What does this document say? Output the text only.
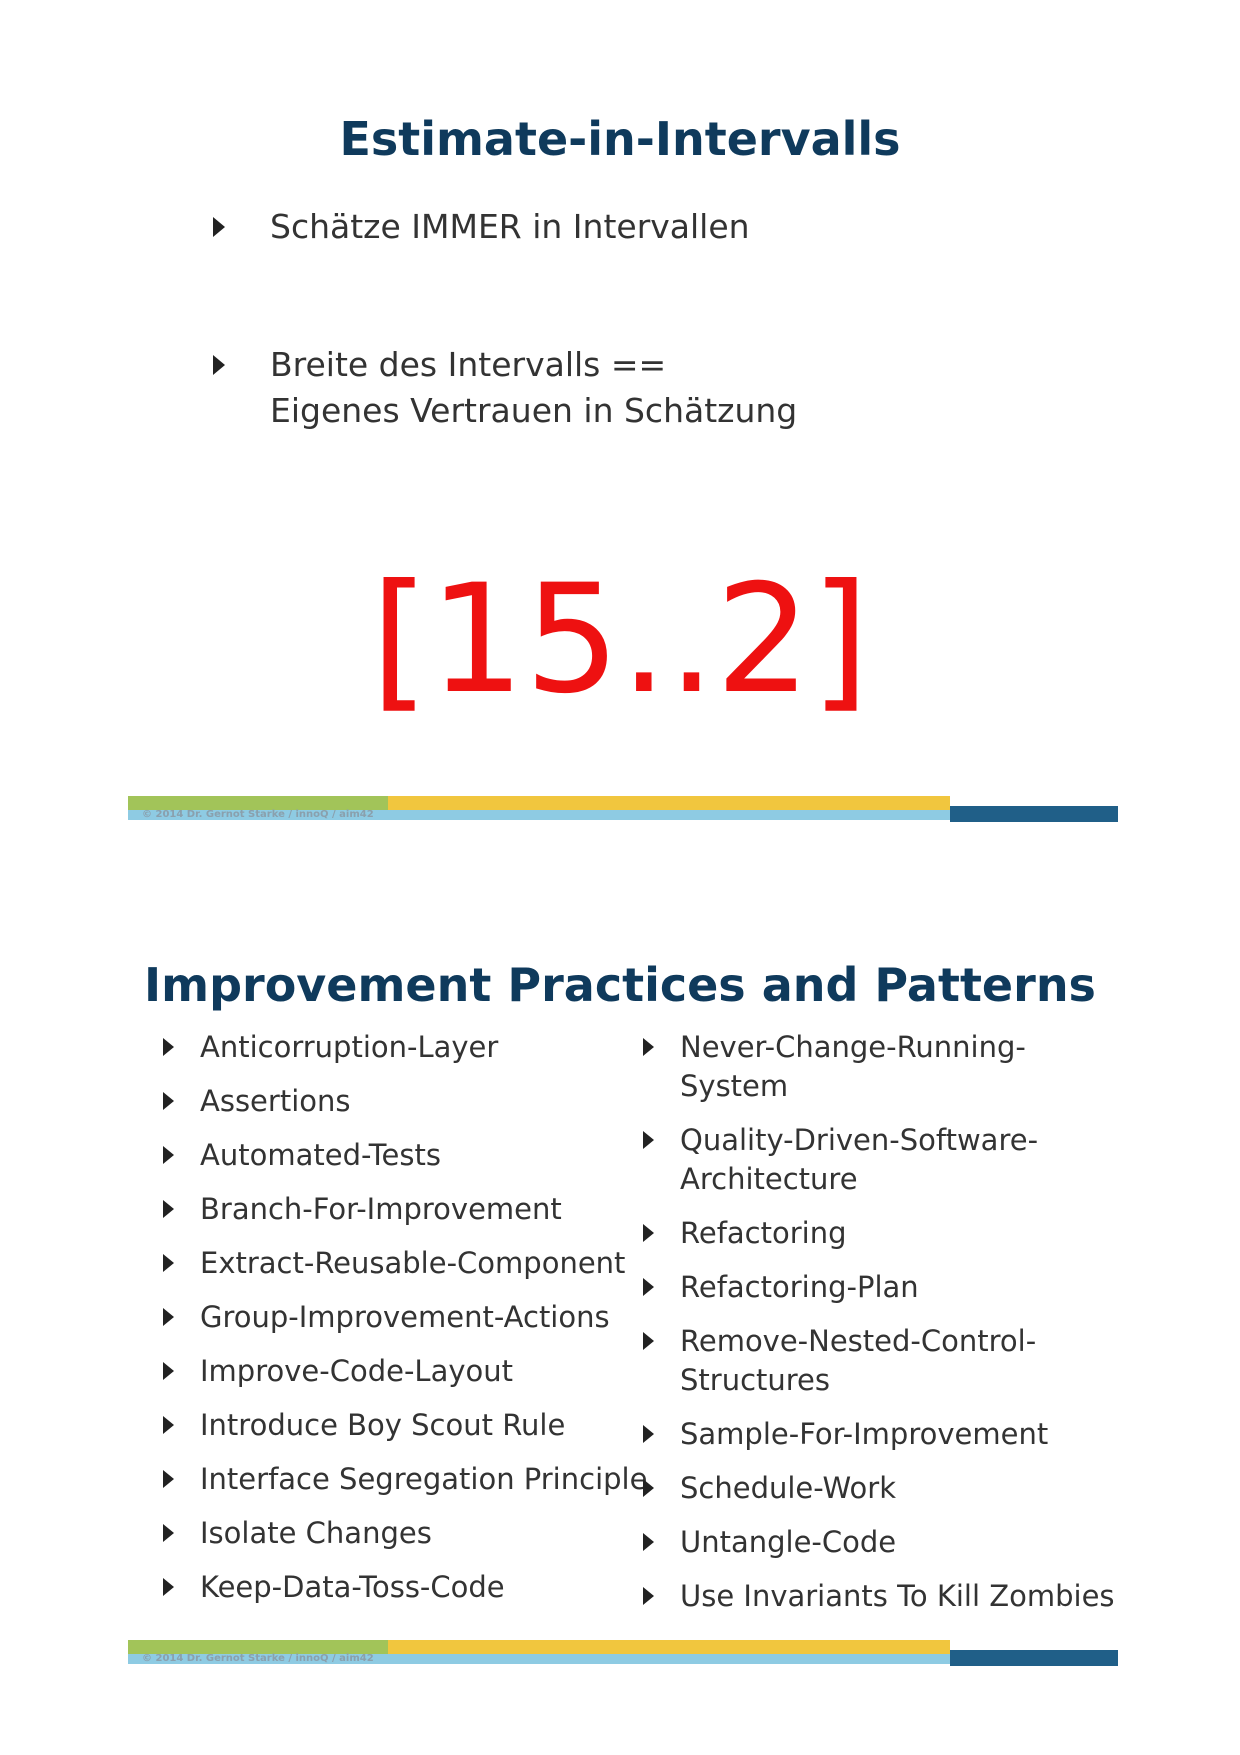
Estimate-in-Intervalls
Schätze IMMER in Intervallen
Breite des Intervalls ==
Eigenes Vertrauen in Schätzung
[15..2]
© 2014 Dr. Gernot Starke / innoQ / aim42
Improvement Practices and Patterns
Anticorruption-Layer
Assertions
Automated-Tests
Branch-For-Improvement
Extract-Reusable-Component
Group-Improvement-Actions
Improve-Code-Layout
Introduce Boy Scout Rule
Interface Segregation Principle
Isolate Changes
Keep-Data-Toss-Code
Never-Change-Running-
System
Quality-Driven-Software-
Architecture
Refactoring
Refactoring-Plan
Remove-Nested-Control-
Structures
Sample-For-Improvement
Schedule-Work
Untangle-Code
Use Invariants To Kill Zombies
© 2014 Dr. Gernot Starke / innoQ / aim42
